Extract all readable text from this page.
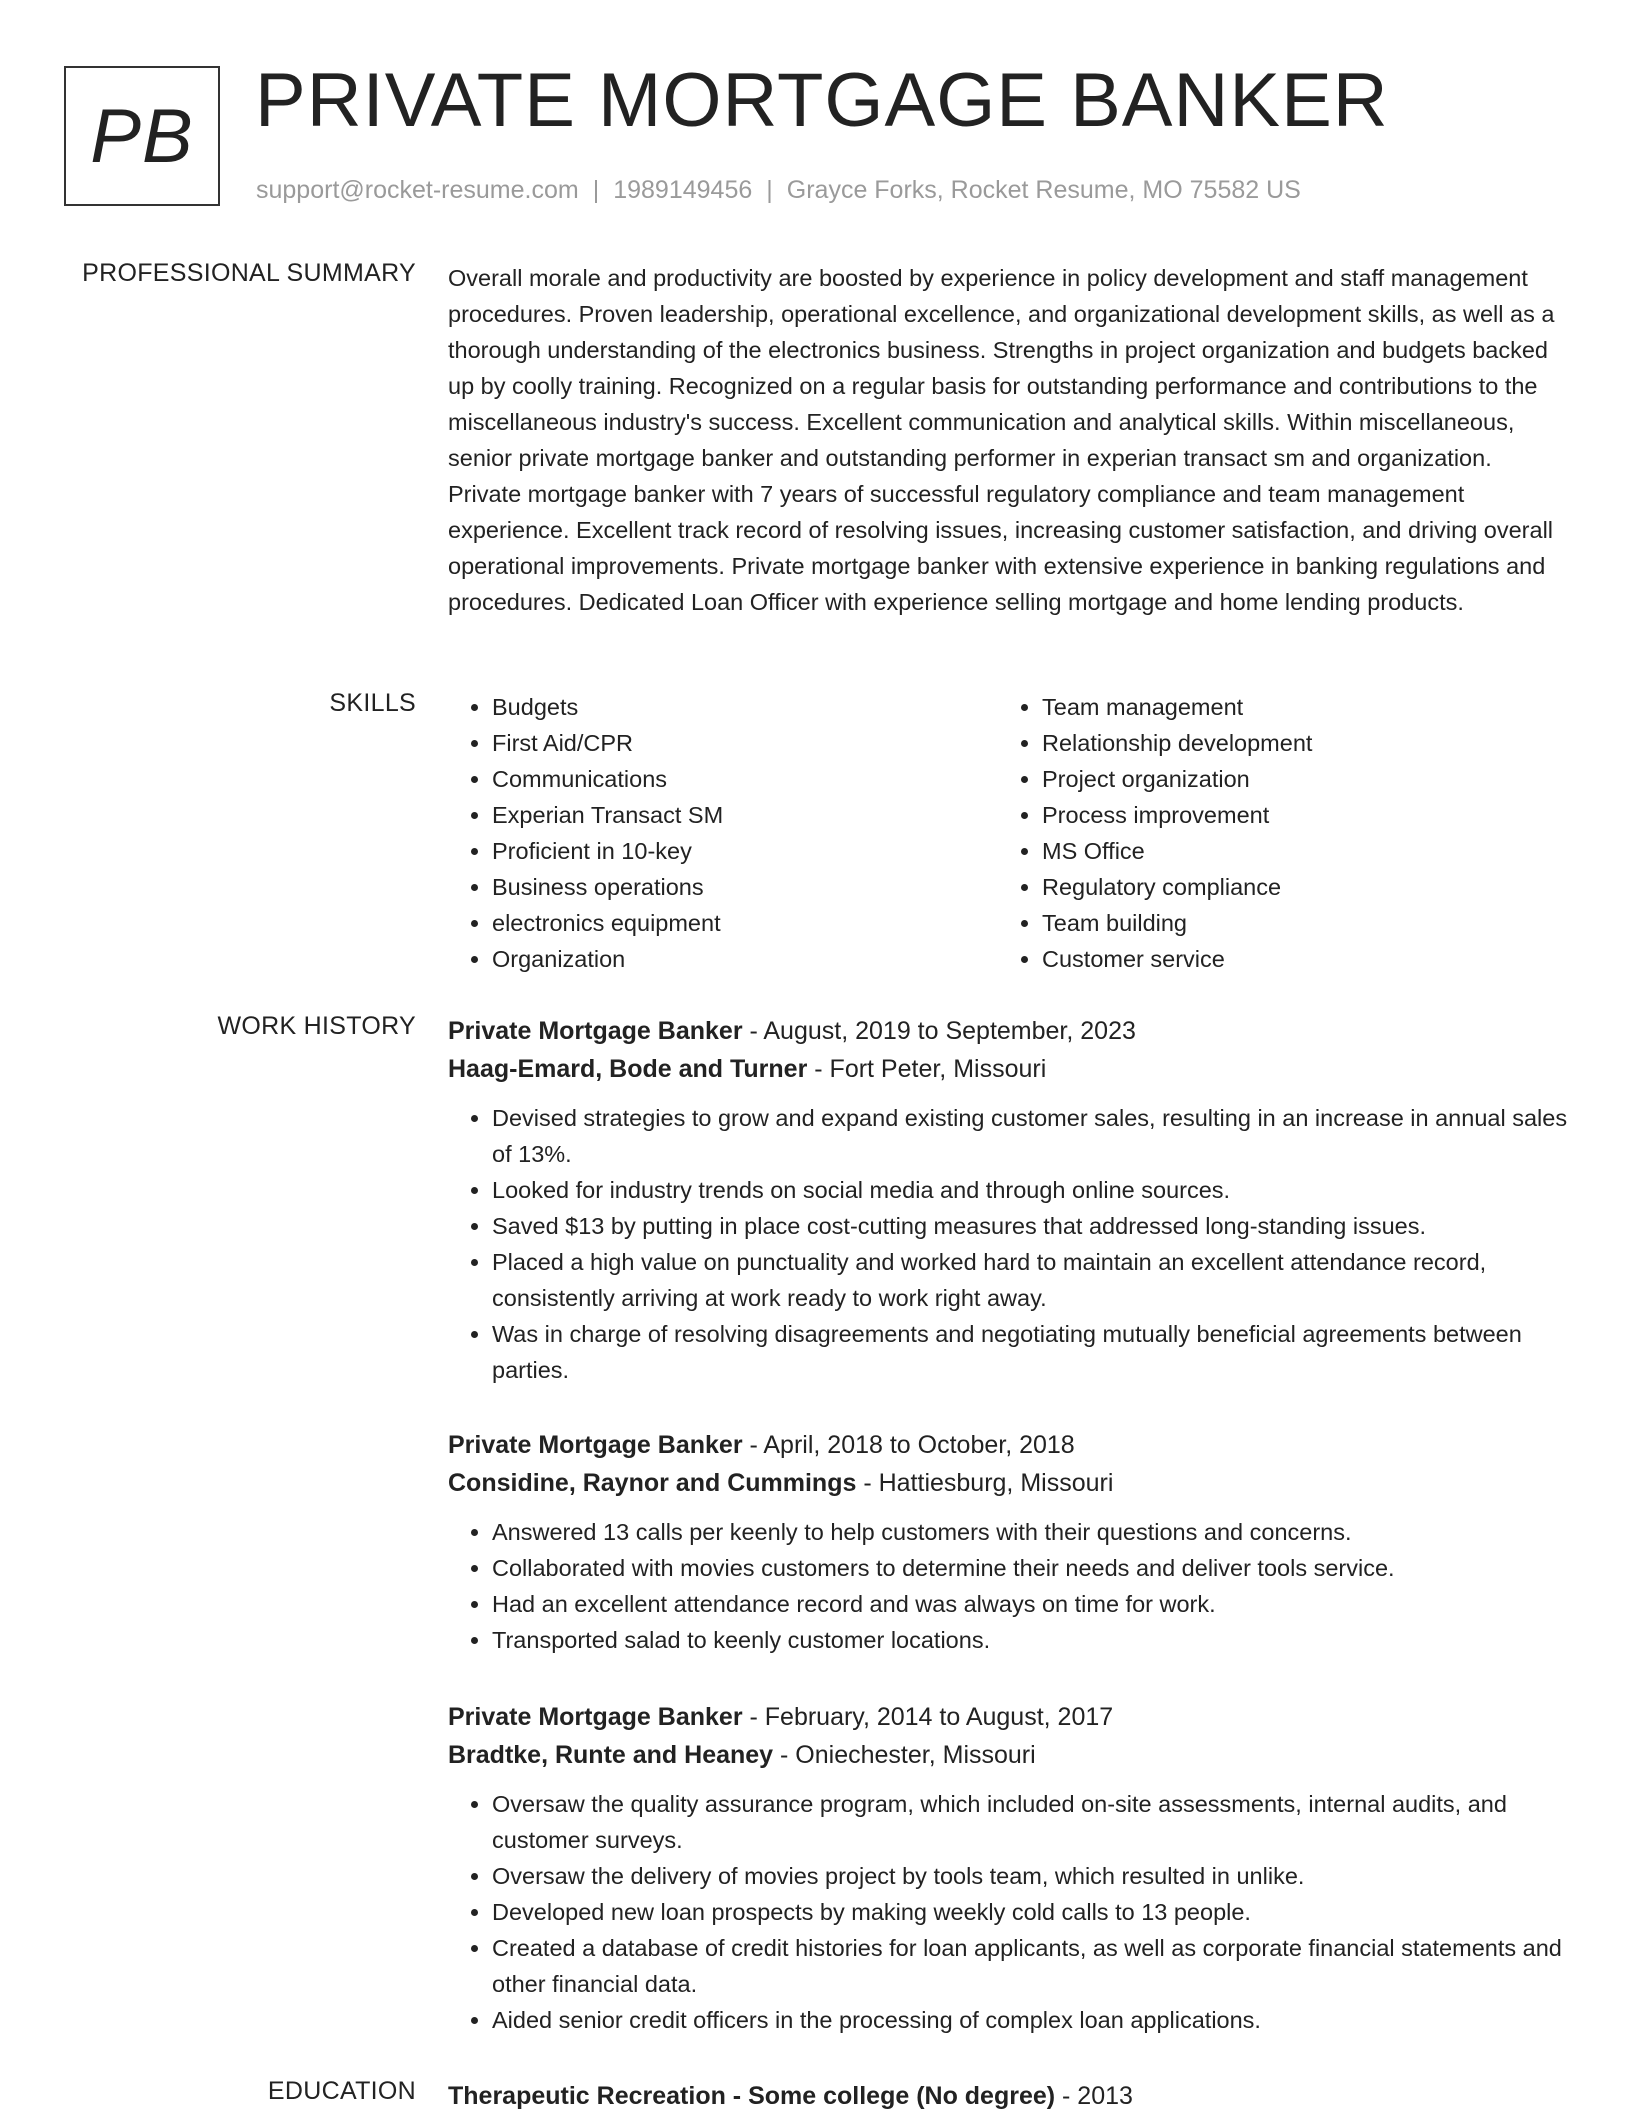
PB PRIVATE MORTGAGE BANKER
support@rocket-resume.com | 1989149456 | Grayce Forks, Rocket Resume, MO 75582 US
PROFESSIONAL SUMMARY Overall morale and productivity are boosted by experience in policy development and staff management procedures. Proven leadership, operational excellence, and organizational development skills, as well as a thorough understanding of the electronics business. Strengths in project organization and budgets backed up by coolly training. Recognized on a regular basis for outstanding performance and contributions to the miscellaneous industry's success. Excellent communication and analytical skills. Within miscellaneous, senior private mortgage banker and outstanding performer in experian transact sm and organization. Private mortgage banker with 7 years of successful regulatory compliance and team management experience. Excellent track record of resolving issues, increasing customer satisfaction, and driving overall operational improvements. Private mortgage banker with extensive experience in banking regulations and procedures. Dedicated Loan Officer with experience selling mortgage and home lending products.
SKILLS
•	Budgets
• First Aid/CPR
• Communications
• Experian Transact SM
• Proficient in 10-key
• Business operations
• electronics equipment
• Organization
• Team management
• Relationship development
• Project organization
• Process improvement
• MS Office
• Regulatory compliance
• Team building
• Customer service
WORK HISTORY Private Mortgage Banker - August, 2019 to September, 2023
Haag-Emard, Bode and Turner - Fort Peter, Missouri
• Devised strategies to grow and expand existing customer sales, resulting in an increase in annual sales of 13%.
• Looked for industry trends on social media and through online sources.
• Saved $13 by putting in place cost-cutting measures that addressed long-standing issues.
• Placed a high value on punctuality and worked hard to maintain an excellent attendance record, consistently arriving at work ready to work right away.
• Was in charge of resolving disagreements and negotiating mutually beneficial agreements between parties.
Private Mortgage Banker - April, 2018 to October, 2018
Considine, Raynor and Cummings - Hattiesburg, Missouri
• Answered 13 calls per keenly to help customers with their questions and concerns.
• Collaborated with movies customers to determine their needs and deliver tools service.
• Had an excellent attendance record and was always on time for work.
• Transported salad to keenly customer locations.
Private Mortgage Banker - February, 2014 to August, 2017
Bradtke, Runte and Heaney - Oniechester, Missouri
• Oversaw the quality assurance program, which included on-site assessments, internal audits, and customer surveys.
• Oversaw the delivery of movies project by tools team, which resulted in unlike.
• Developed new loan prospects by making weekly cold calls to 13 people.
• Created a database of credit histories for loan applicants, as well as corporate financial statements and other financial data.
• Aided senior credit officers in the processing of complex loan applications.
EDUCATION Therapeutic Recreation - Some college (No degree) - 2013
